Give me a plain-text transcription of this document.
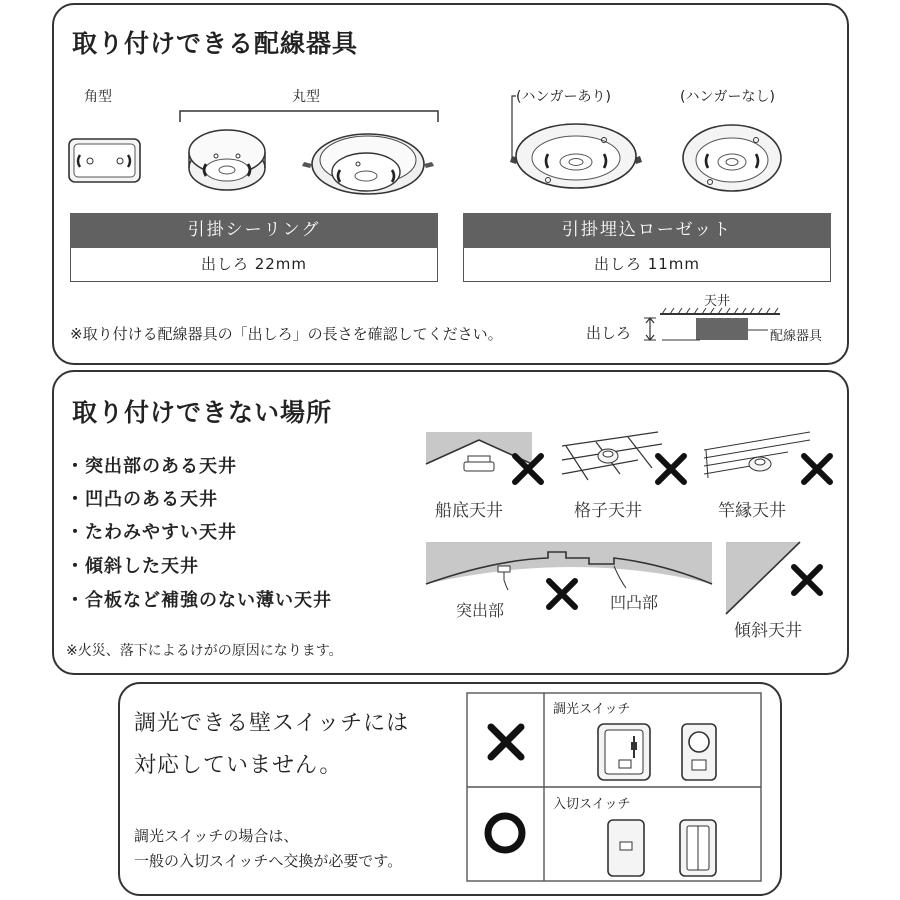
取り付けできる配線器具
角型	丸型	(ハンガーあり)	(ハンガーなし)
引掛シーリング
出しろ 22mm
引掛埋込ローゼット
出しろ 11mm
※取り付ける配線器具の「出しろ」の長さを確認してください。
天井
出しろ	配線器具
取り付けできない場所
・突出部のある天井
・凹凸のある天井
・たわみやすい天井
・傾斜した天井
・合板など補強のない薄い天井
※火災、落下によるけがの原因になります。
船底天井	格子天井	竿縁天井
突出部	凹凸部
傾斜天井
調光できる壁スイッチには
対応していません。
調光スイッチの場合は、
一般の入切スイッチへ交換が必要です。
調光スイッチ
入切スイッチ
